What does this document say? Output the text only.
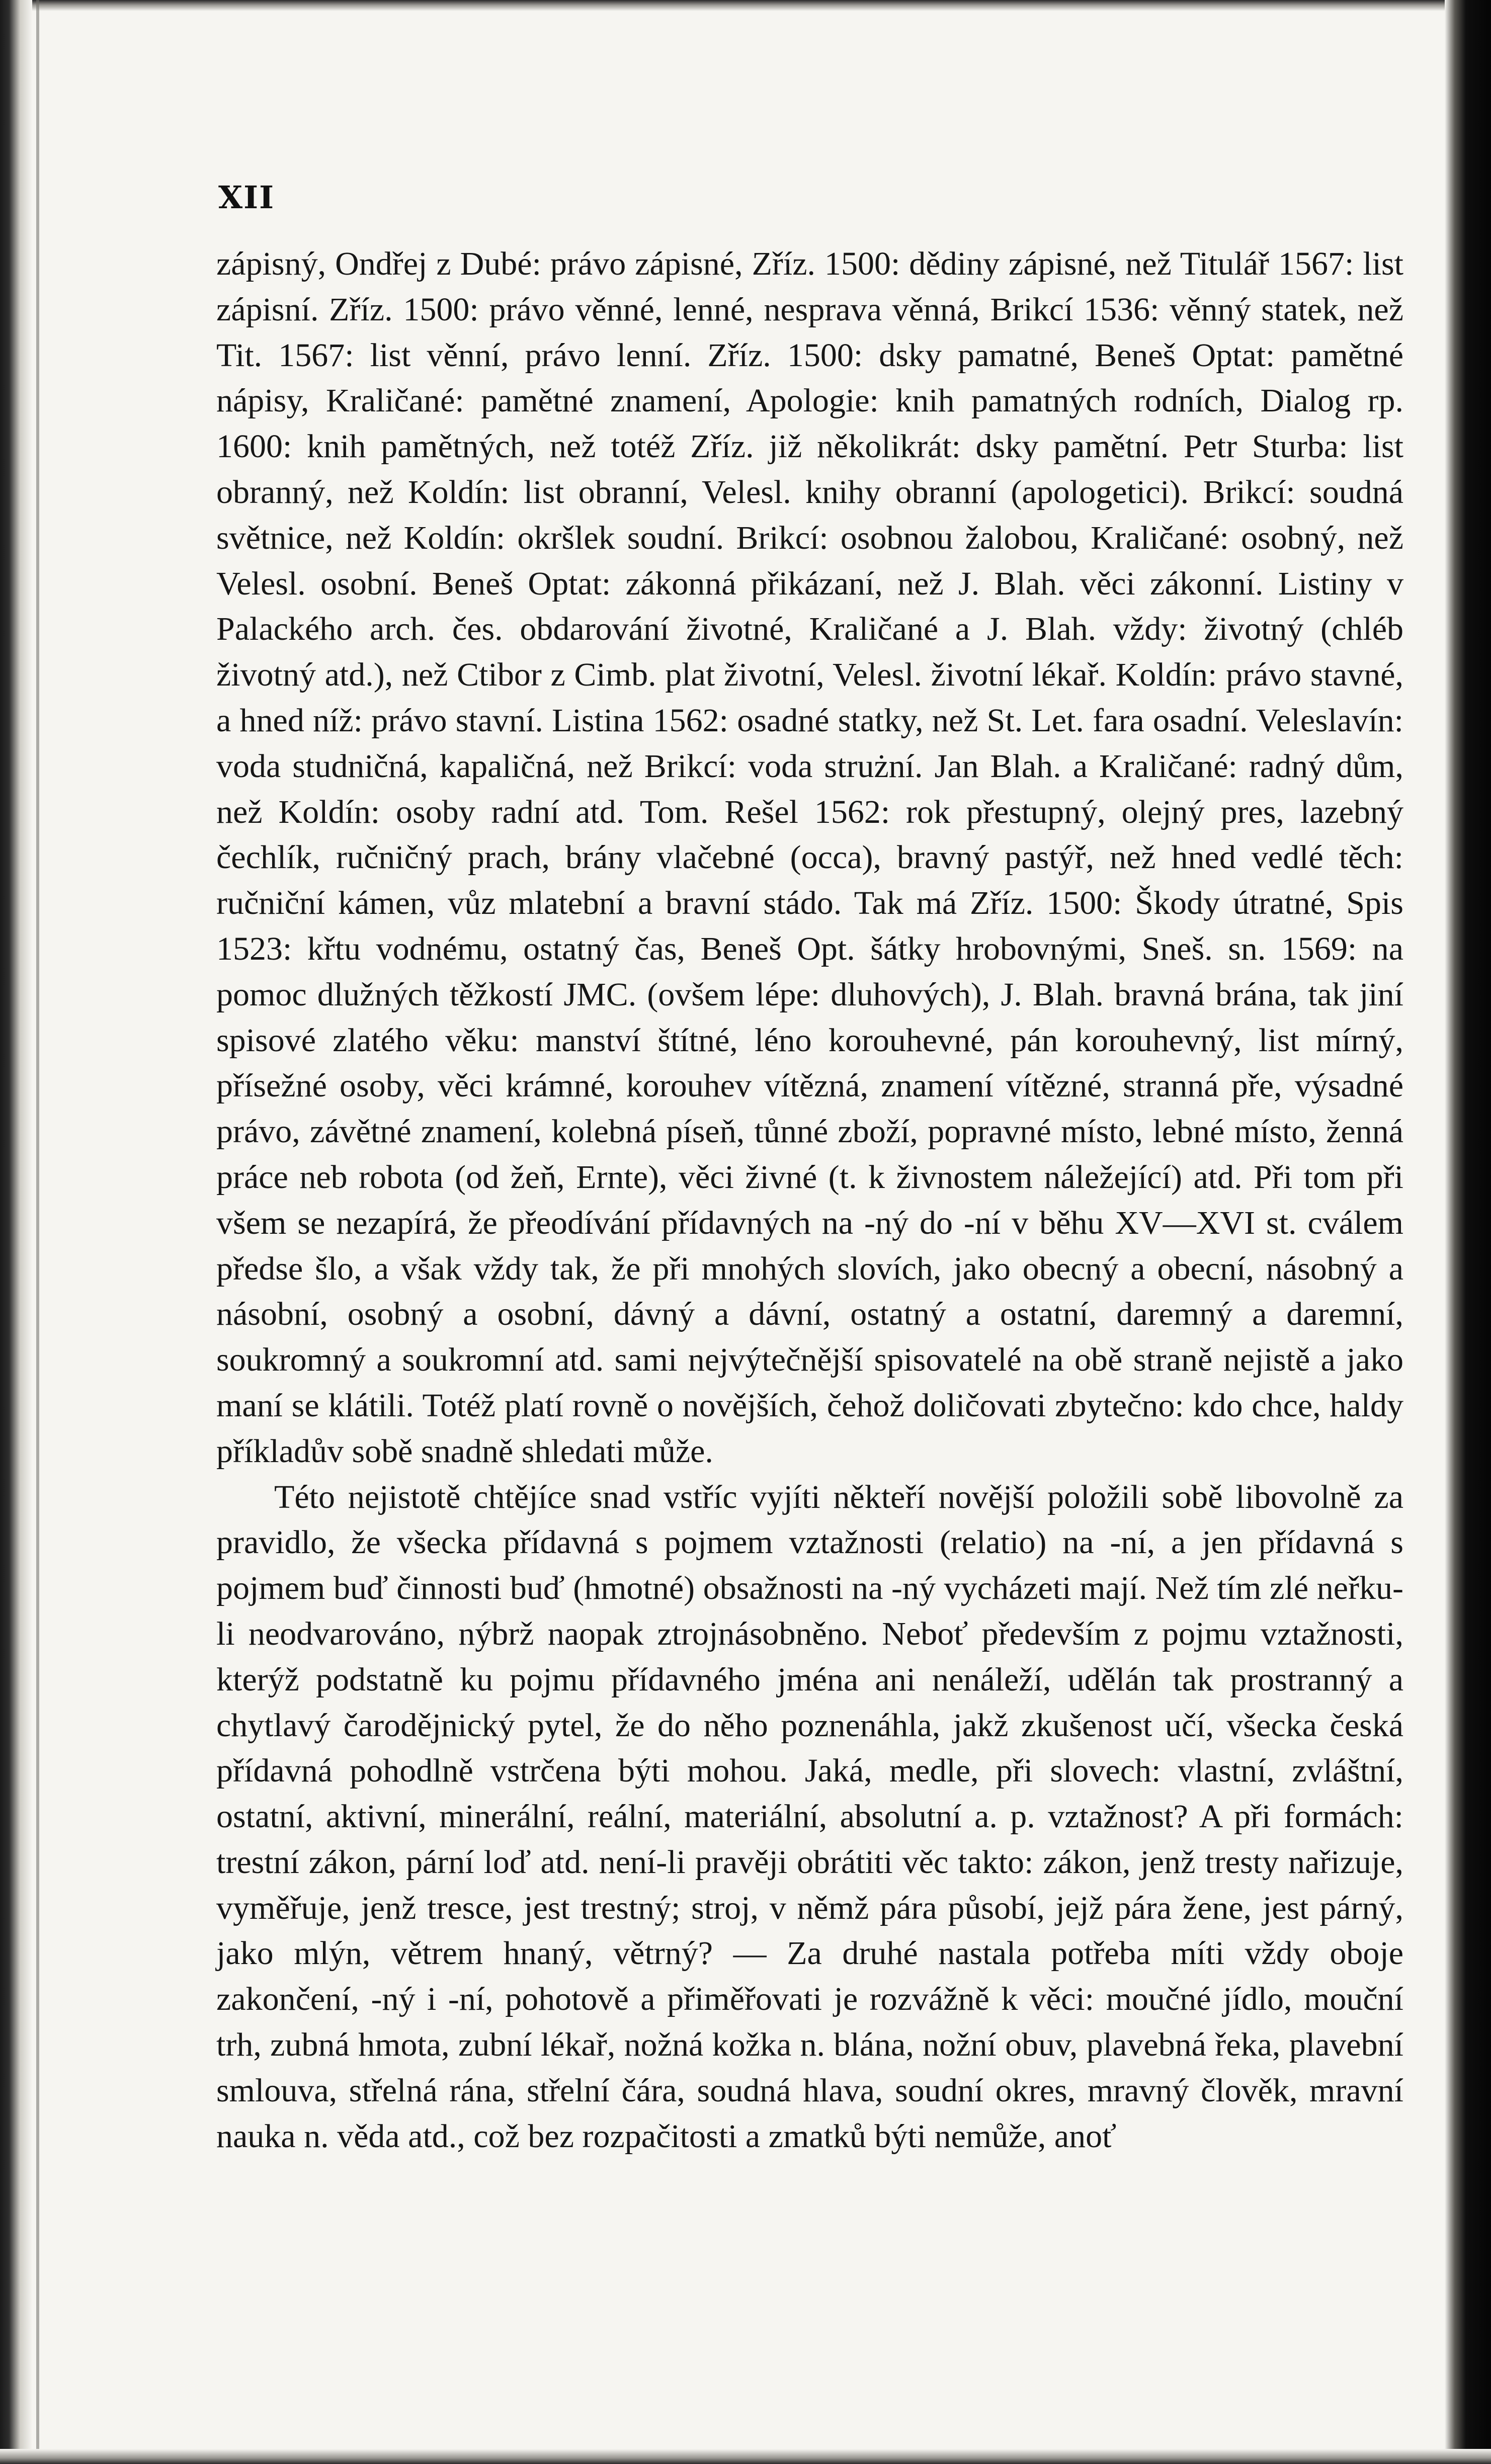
XII

zápisný, Ondřej z Dubé: právo zápisné, Zříz. 1500: dědiny zápisné, než Titulář 1567: list zápisní. Zříz. 1500: právo věnné, lenné, nesprava věnná, Brikcí 1536: věnný statek, než Tit. 1567: list věnní, právo lenní. Zříz. 1500: dsky pamatné, Beneš Optat: pamětné nápisy, Kraličané: pamětné znamení, Apologie: knih pamatných rodních, Dialog rp. 1600: knih pamětných, než totéž Zříz. již několikrát: dsky pamětní. Petr Sturba: list obranný, než Koldín: list obranní, Velesl. knihy obranní (apologetici). Brikcí: soudná světnice, než Koldín: okršlek soudní. Brikcí: osobnou žalobou, Kraličané: osobný, než Velesl. osobní. Beneš Optat: zákonná přikázaní, než J. Blah. věci zákonní. Listiny v Palackého arch. čes. obdarování životné, Kraličané a J. Blah. vždy: životný (chléb životný atd.), než Ctibor z Cimb. plat životní, Velesl. životní lékař. Koldín: právo stavné, a hned níž: právo stavní. Listina 1562: osadné statky, než St. Let. fara osadní. Veleslavín: voda studničná, kapaličná, než Brikcí: voda strużní. Jan Blah. a Kraličané: radný dům, než Koldín: osoby radní atd. Tom. Rešel 1562: rok přestupný, olejný pres, lazebný čechlík, ručničný prach, brány vlačebné (occa), bravný pastýř, než hned vedlé těch: ručniční kámen, vůz mlatební a bravní stádo. Tak má Zříz. 1500: Škody útratné, Spis 1523: křtu vodnému, ostatný čas, Beneš Opt. šátky hrobovnými, Sneš. sn. 1569: na pomoc dlužných těžkostí JMC. (ovšem lépe: dluhových), J. Blah. bravná brána, tak jiní spisové zlatého věku: manství štítné, léno korouhevné, pán korouhevný, list mírný, přísežné osoby, věci krámné, korouhev vítězná, znamení vítězné, stranná pře, výsadné právo, závětné znamení, kolebná píseň, tůnné zboží, popravné místo, lebné místo, ženná práce neb robota (od žeň, Ernte), věci živné (t. k živnostem náležející) atd. Při tom při všem se nezapírá, že přeodívání přídavných na -ný do -ní v běhu XV—XVI st. cválem předse šlo, a však vždy tak, že při mnohých slovích, jako obecný a obecní, násobný a násobní, osobný a osobní, dávný a dávní, ostatný a ostatní, daremný a daremní, soukromný a soukromní atd. sami nejvýtečnější spisovatelé na obě straně nejistě a jako maní se klátili. Totéž platí rovně o novějších, čehož doličovati zbytečno: kdo chce, haldy příkladův sobě snadně shledati může.

Této nejistotě chtějíce snad vstříc vyjíti někteří novější položili sobě libovolně za pravidlo, že všecka přídavná s pojmem vztažnosti (relatio) na -ní, a jen přídavná s pojmem buď činnosti buď (hmotné) obsažnosti na -ný vycházeti mají. Než tím zlé neřku-li neodvarováno, nýbrž naopak ztrojnásobněno. Neboť především z pojmu vztažnosti, kterýž podstatně ku pojmu přídavného jména ani nenáleží, udělán tak prostranný a chytlavý čarodějnický pytel, že do něho poznenáhla, jakž zkušenost učí, všecka česká přídavná pohodlně vstrčena býti mohou. Jaká, medle, při slovech: vlastní, zvláštní, ostatní, aktivní, minerální, reální, materiální, absolutní a. p. vztažnost? A při formách: trestní zákon, pární loď atd. není-li pravěji obrátiti věc takto: zákon, jenž tresty nařizuje, vyměřuje, jenž tresce, jest trestný; stroj, v němž pára působí, jejž pára žene, jest párný, jako mlýn, větrem hnaný, větrný? — Za druhé nastala potřeba míti vždy oboje zakončení, -ný i -ní, pohotově a přiměřovati je rozvážně k věci: moučné jídlo, mouční trh, zubná hmota, zubní lékař, nožná kožka n. blána, nožní obuv, plavebná řeka, plavební smlouva, střelná rána, střelní čára, soudná hlava, soudní okres, mravný člověk, mravní nauka n. věda atd., což bez rozpačitosti a zmatků býti nemůže, anoť
